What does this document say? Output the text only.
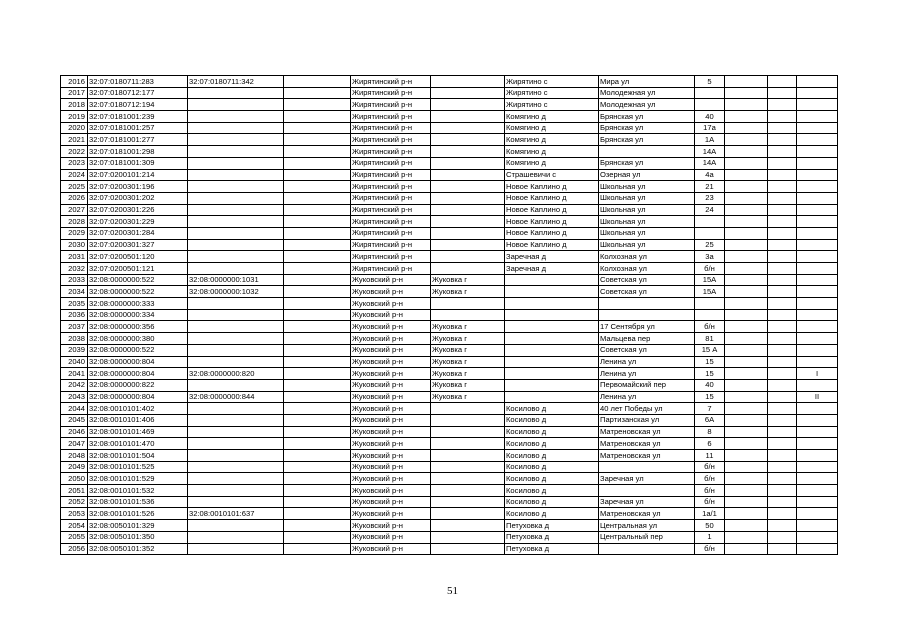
2016	32:07:0180711:283	32:07:0180711:342		Жирятинский р-н		Жирятино с	Мира ул	5			
2017	32:07:0180712:177			Жирятинский р-н		Жирятино с	Молодежная ул				
2018	32:07:0180712:194			Жирятинский р-н		Жирятино с	Молодежная ул				
2019	32:07:0181001:239			Жирятинский р-н		Комягино д	Брянская ул	40			
2020	32:07:0181001:257			Жирятинский р-н		Комягино д	Брянская ул	17а			
2021	32:07:0181001:277			Жирятинский р-н		Комягино д	Брянская ул	1А			
2022	32:07:0181001:298			Жирятинский р-н		Комягино д		14А			
2023	32:07:0181001:309			Жирятинский р-н		Комягино д	Брянская ул	14А			
2024	32:07:0200101:214			Жирятинский р-н		Страшевичи с	Озерная ул	4а			
2025	32:07:0200301:196			Жирятинский р-н		Новое Каплино д	Школьная ул	21			
2026	32:07:0200301:202			Жирятинский р-н		Новое Каплино д	Школьная ул	23			
2027	32:07:0200301:226			Жирятинский р-н		Новое Каплино д	Школьная ул	24			
2028	32:07:0200301:229			Жирятинский р-н		Новое Каплино д	Школьная ул				
2029	32:07:0200301:284			Жирятинский р-н		Новое Каплино д	Школьная ул				
2030	32:07:0200301:327			Жирятинский р-н		Новое Каплино д	Школьная ул	25			
2031	32:07:0200501:120			Жирятинский р-н		Заречная д	Колхозная ул	3а			
2032	32:07:0200501:121			Жирятинский р-н		Заречная д	Колхозная ул	б/н			
2033	32:08:0000000:522	32:08:0000000:1031		Жуковский р-н	Жуковка г		Советская ул	15А			
2034	32:08:0000000:522	32:08:0000000:1032		Жуковский р-н	Жуковка г		Советская ул	15А			
2035	32:08:0000000:333			Жуковский р-н							
2036	32:08:0000000:334			Жуковский р-н							
2037	32:08:0000000:356			Жуковский р-н	Жуковка г		17 Сентября ул	б/н			
2038	32:08:0000000:380			Жуковский р-н	Жуковка г		Мальцева пер	81			
2039	32:08:0000000:522			Жуковский р-н	Жуковка г		Советская ул	15 А			
2040	32:08:0000000:804			Жуковский р-н	Жуковка г		Ленина ул	15			
2041	32:08:0000000:804	32:08:0000000:820		Жуковский р-н	Жуковка г		Ленина ул	15			I
2042	32:08:0000000:822			Жуковский р-н	Жуковка г		Первомайский пер	40			
2043	32:08:0000000:804	32:08:0000000:844		Жуковский р-н	Жуковка г		Ленина ул	15			II
2044	32:08:0010101:402			Жуковский р-н		Косилово д	40 лет Победы ул	7			
2045	32:08:0010101:406			Жуковский р-н		Косилово д	Партизанская ул	6А			
2046	32:08:0010101:469			Жуковский р-н		Косилово д	Матреновская ул	8			
2047	32:08:0010101:470			Жуковский р-н		Косилово д	Матреновская ул	6			
2048	32:08:0010101:504			Жуковский р-н		Косилово д	Матреновская ул	11			
2049	32:08:0010101:525			Жуковский р-н		Косилово д		б/н			
2050	32:08:0010101:529			Жуковский р-н		Косилово д	Заречная ул	б/н			
2051	32:08:0010101:532			Жуковский р-н		Косилово д		б/н			
2052	32:08:0010101:536			Жуковский р-н		Косилово д	Заречная ул	б/н			
2053	32:08:0010101:526	32:08:0010101:637		Жуковский р-н		Косилово д	Матреновская ул	1а/1			
2054	32:08:0050101:329			Жуковский р-н		Петуховка д	Центральная ул	50			
2055	32:08:0050101:350			Жуковский р-н		Петуховка д	Центральный пер	1			
2056	32:08:0050101:352			Жуковский р-н		Петуховка д		б/н			
51
